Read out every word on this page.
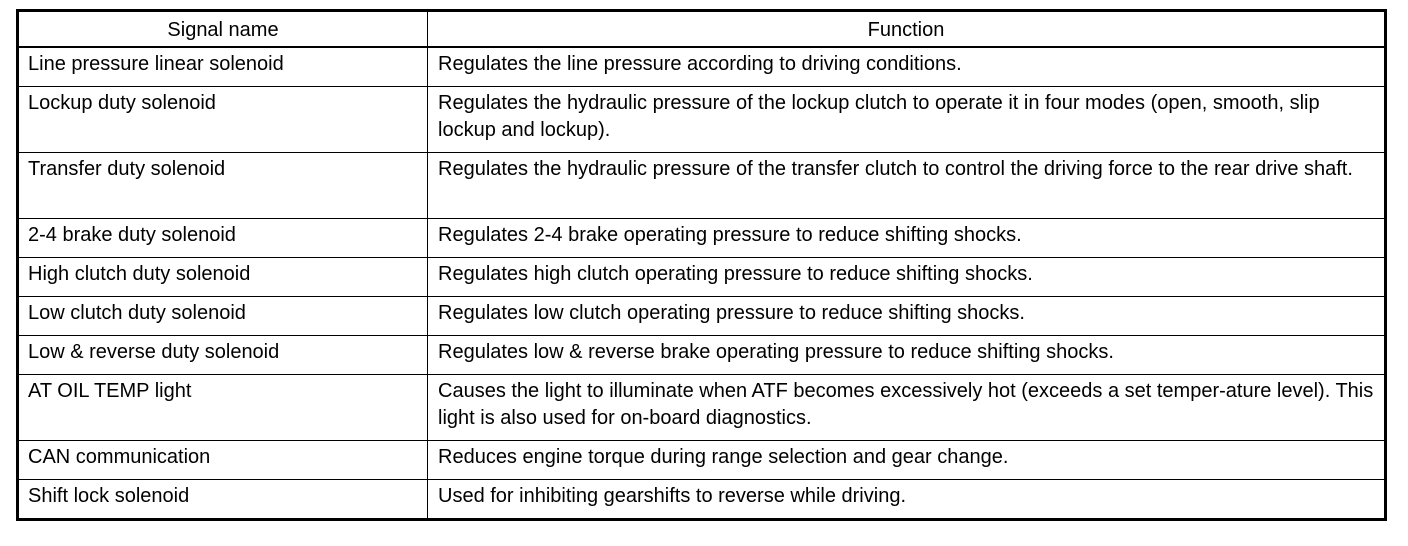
Signal name	Function
Line pressure linear solenoid	Regulates the line pressure according to driving conditions.
Lockup duty solenoid	Regulates the hydraulic pressure of the lockup clutch to operate it in four modes (open, smooth, slip lockup and lockup).
Transfer duty solenoid	Regulates the hydraulic pressure of the transfer clutch to control the driving force to the rear drive shaft.
2-4 brake duty solenoid	Regulates 2-4 brake operating pressure to reduce shifting shocks.
High clutch duty solenoid	Regulates high clutch operating pressure to reduce shifting shocks.
Low clutch duty solenoid	Regulates low clutch operating pressure to reduce shifting shocks.
Low & reverse duty solenoid	Regulates low & reverse brake operating pressure to reduce shifting shocks.
AT OIL TEMP light	Causes the light to illuminate when ATF becomes excessively hot (exceeds a set temper-ature level). This light is also used for on-board diagnostics.
CAN communication	Reduces engine torque during range selection and gear change.
Shift lock solenoid	Used for inhibiting gearshifts to reverse while driving.
